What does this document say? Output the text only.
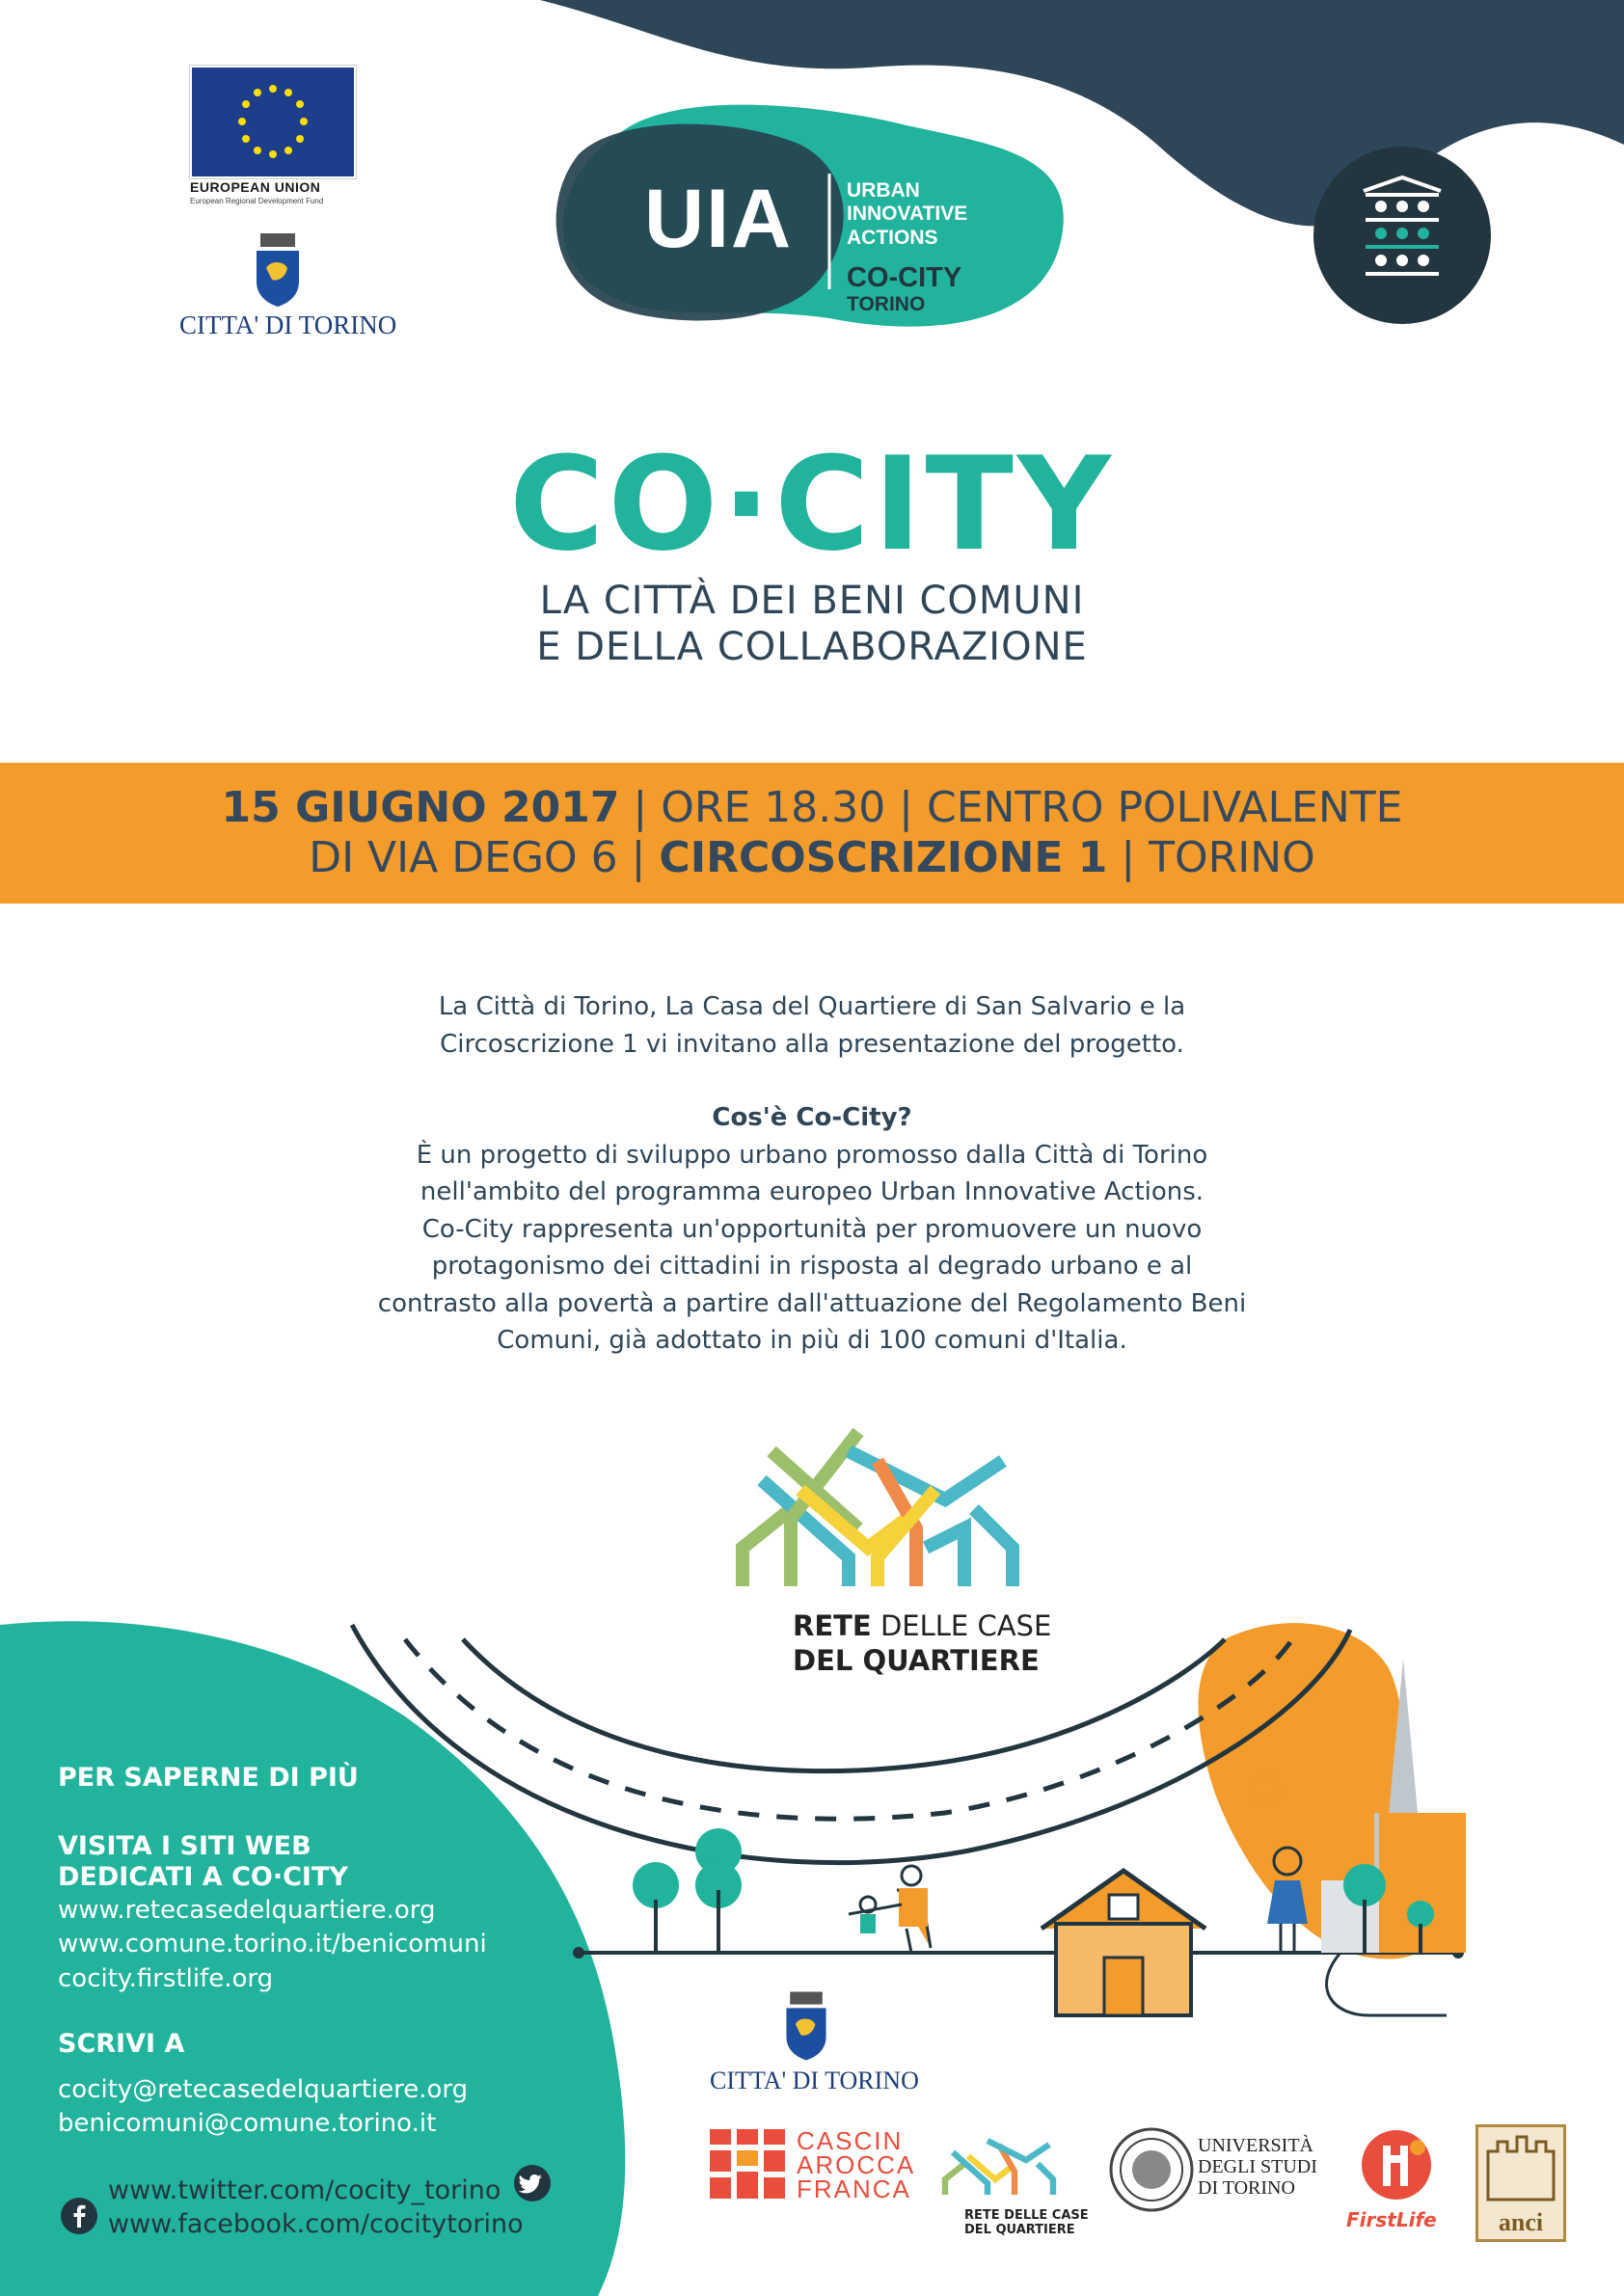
EUROPEAN UNION
European Regional Development Fund
CITTA' DI TORINO
UIA	URBAN
INNOVATIVE
ACTIONS
CO-CITY
TORINO
CO·CITY
LA CITTÀ DEI BENI COMUNI
E DELLA COLLABORAZIONE
15 GIUGNO 2017 | ORE 18.30 | CENTRO POLIVALENTE
DI VIA DEGO 6 | CIRCOSCRIZIONE 1 | TORINO
La Città di Torino, La Casa del Quartiere di San Salvario e la
Circoscrizione 1 vi invitano alla presentazione del progetto.
Cos'è Co-City?
È un progetto di sviluppo urbano promosso dalla Città di Torino
nell'ambito del programma europeo Urban Innovative Actions.
Co-City rappresenta un'opportunità per promuovere un nuovo
protagonismo dei cittadini in risposta al degrado urbano e al
contrasto alla povertà a partire dall'attuazione del Regolamento Beni
Comuni, già adottato in più di 100 comuni d'Italia.
RETE DELLE CASE
DEL QUARTIERE
PER SAPERNE DI PIÙ
VISITA I SITI WEB
DEDICATI A CO·CITY
www.retecasedelquartiere.org
www.comune.torino.it/benicomuni
cocity.firstlife.org
SCRIVI A
cocity@retecasedelquartiere.org
benicomuni@comune.torino.it
www.twitter.com/cocity_torino
www.facebook.com/cocitytorino
CITTA' DI TORINO
CASCIN
AROCCA
FRANCA
RETE DELLE CASE
DEL QUARTIERE
UNIVERSITÀ
DEGLI STUDI
DI TORINO
FirstLife	anci
